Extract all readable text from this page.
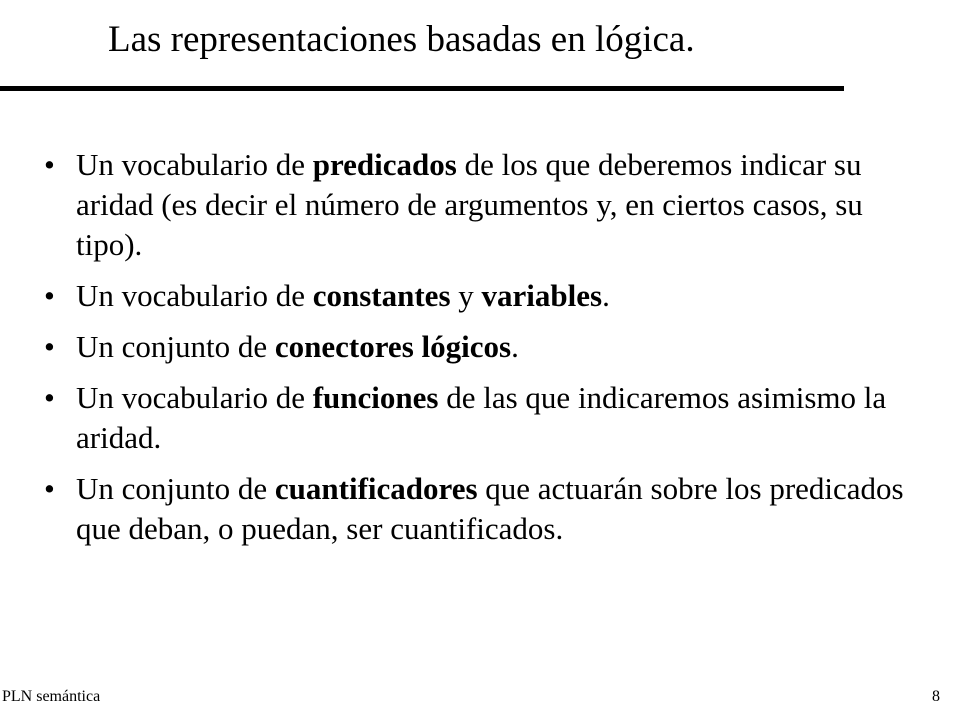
Las representaciones basadas en lógica.
• Un vocabulario de predicados de los que deberemos indicar su aridad (es decir el número de argumentos y, en ciertos casos, su tipo).
• Un vocabulario de constantes y variables.
• Un conjunto de conectores lógicos.
• Un vocabulario de funciones de las que indicaremos asimismo la aridad.
• Un conjunto de cuantificadores que actuarán sobre los predicados que deban, o puedan, ser cuantificados.
PLN semántica	8
